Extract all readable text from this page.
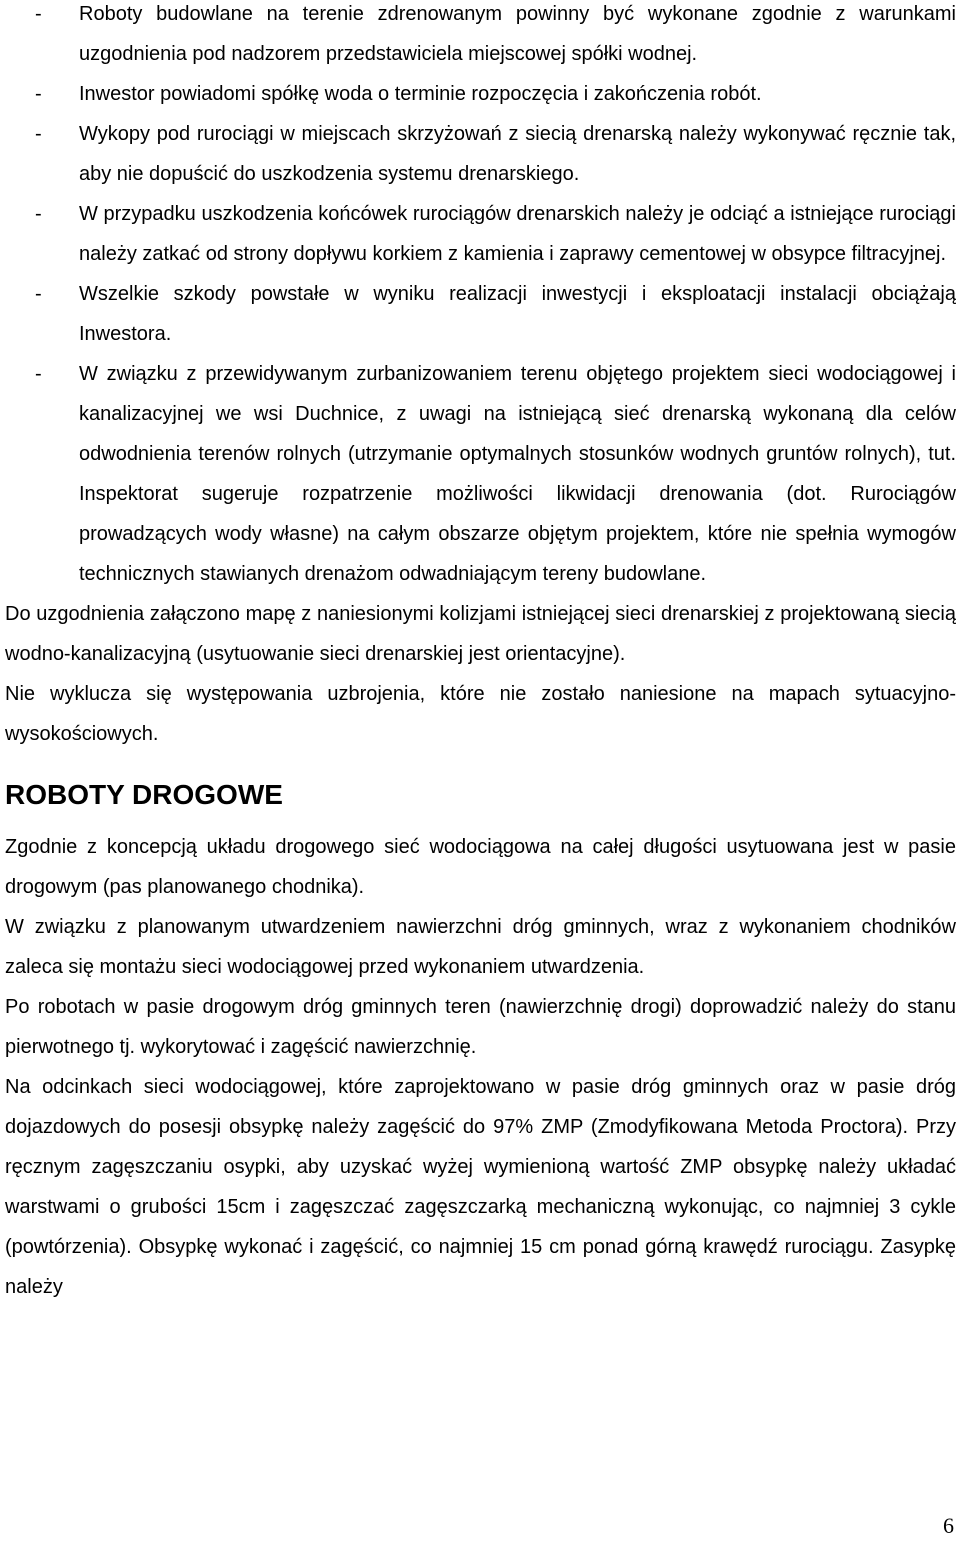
- Roboty budowlane na terenie zdrenowanym powinny być wykonane zgodnie z warunkami uzgodnienia pod nadzorem przedstawiciela miejscowej spółki wodnej.
- Inwestor powiadomi spółkę woda o terminie rozpoczęcia i zakończenia robót.
- Wykopy pod rurociągi w miejscach skrzyżowań z siecią drenarską należy wykonywać ręcznie tak, aby nie dopuścić do uszkodzenia systemu drenarskiego.
- W przypadku uszkodzenia końcówek rurociągów drenarskich należy je odciąć a istniejące rurociągi należy zatkać od strony dopływu korkiem z kamienia i zaprawy cementowej w obsypce filtracyjnej.
- Wszelkie szkody powstałe w wyniku realizacji inwestycji i eksploatacji instalacji obciążają Inwestora.
- W związku z przewidywanym zurbanizowaniem terenu objętego projektem sieci wodociągowej i kanalizacyjnej we wsi Duchnice, z uwagi na istniejącą sieć drenarską wykonaną dla celów odwodnienia terenów rolnych (utrzymanie optymalnych stosunków wodnych gruntów rolnych), tut. Inspektorat sugeruje rozpatrzenie możliwości likwidacji drenowania (dot. Rurociągów prowadzących wody własne) na całym obszarze objętym projektem, które nie spełnia wymogów technicznych stawianych drenażom odwadniającym tereny budowlane.

Do uzgodnienia załączono mapę z naniesionymi kolizjami istniejącej sieci drenarskiej z projektowaną siecią wodno-kanalizacyjną (usytuowanie sieci drenarskiej jest orientacyjne).

Nie wyklucza się występowania uzbrojenia, które nie zostało naniesione na mapach sytuacyjno-wysokościowych.

ROBOTY DROGOWE

Zgodnie z koncepcją układu drogowego sieć wodociągowa na całej długości usytuowana jest w pasie drogowym (pas planowanego chodnika).

W związku z planowanym utwardzeniem nawierzchni dróg gminnych, wraz z wykonaniem chodników zaleca się montażu sieci wodociągowej przed wykonaniem utwardzenia.

Po robotach w pasie drogowym dróg gminnych teren (nawierzchnię drogi) doprowadzić należy do stanu pierwotnego tj. wykorytować i zagęścić nawierzchnię.

Na odcinkach sieci wodociągowej, które zaprojektowano w pasie dróg gminnych oraz w pasie dróg dojazdowych do posesji obsypkę należy zagęścić do 97% ZMP (Zmodyfikowana Metoda Proctora). Przy ręcznym zagęszczaniu osypki, aby uzyskać wyżej wymienioną wartość ZMP obsypkę należy układać warstwami o grubości 15cm i zagęszczać zagęszczarką mechaniczną wykonując, co najmniej 3 cykle (powtórzenia). Obsypkę wykonać i zagęścić, co najmniej 15 cm ponad górną krawędź rurociągu. Zasypkę należy

6
